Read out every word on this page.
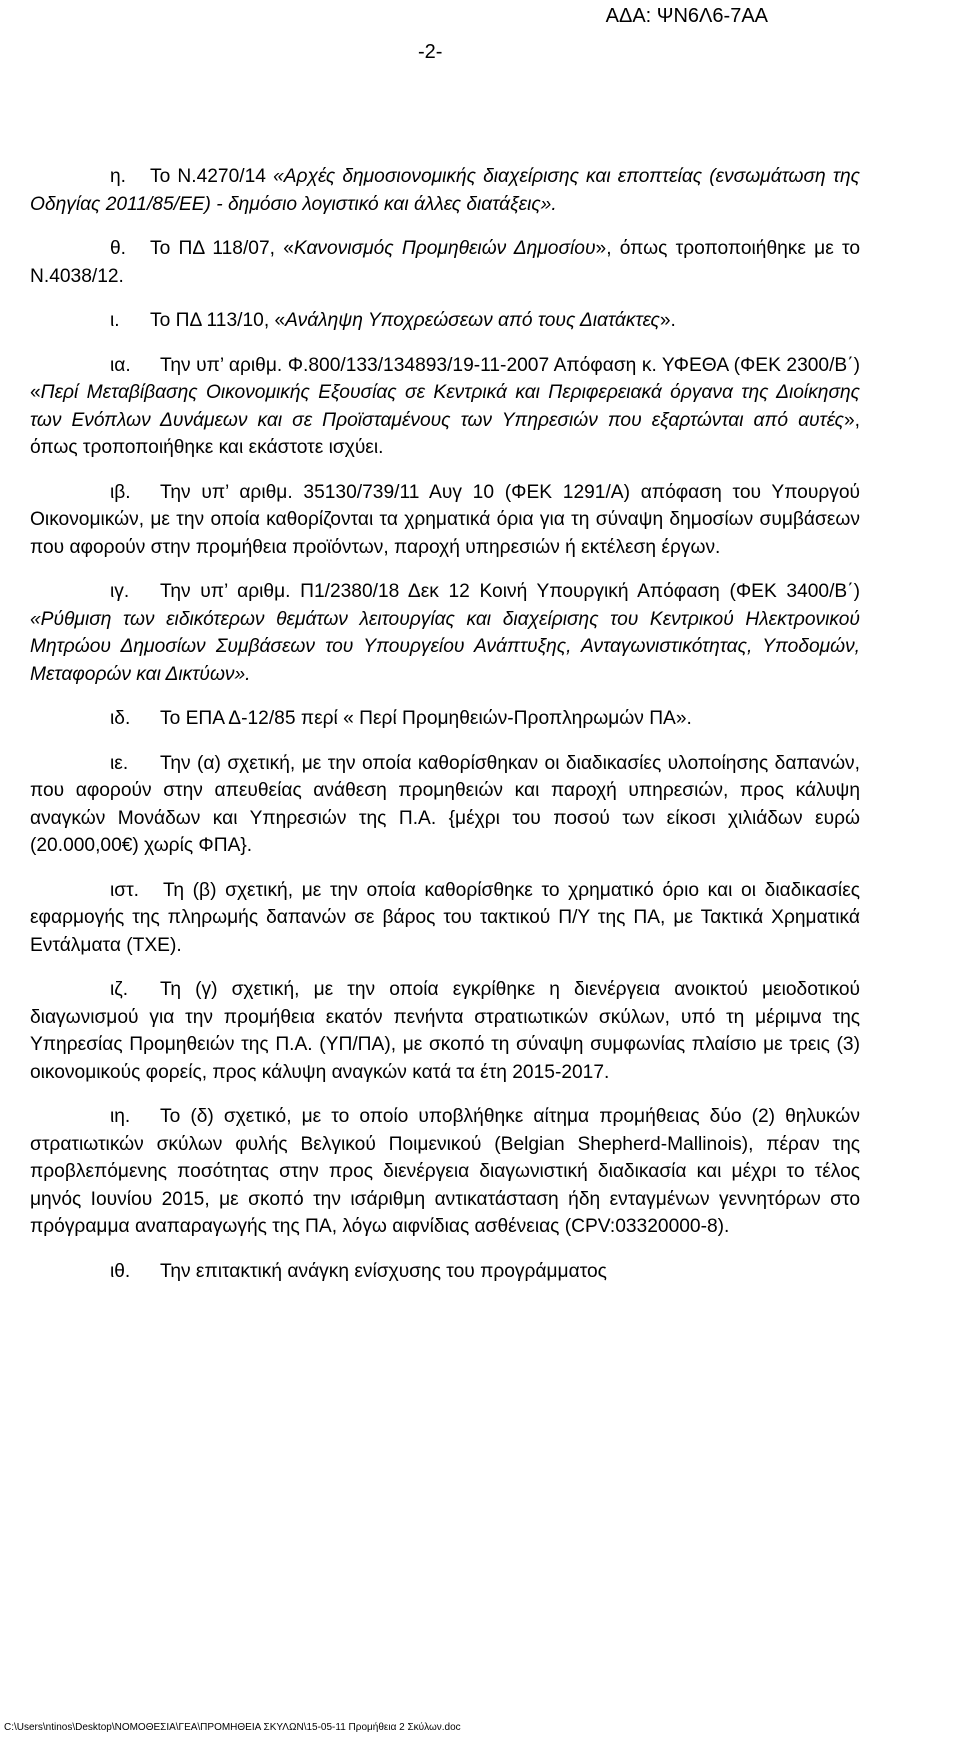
ΑΔΑ: ΨΝ6Λ6-7ΑΑ
-2-
η. Το Ν.4270/14 «Αρχές δημοσιονομικής διαχείρισης και εποπτείας (ενσωμάτωση της Οδηγίας 2011/85/ΕΕ) - δημόσιο λογιστικό και άλλες διατάξεις».
θ. Το ΠΔ 118/07, «Κανονισμός Προμηθειών Δημοσίου», όπως τροποποιήθηκε με το Ν.4038/12.
ι. Το ΠΔ 113/10, «Ανάληψη Υποχρεώσεων από τους Διατάκτες».
ια. Την υπ’ αριθμ. Φ.800/133/134893/19-11-2007 Απόφαση κ. ΥΦΕΘΑ (ΦΕΚ 2300/Β΄) «Περί Μεταβίβασης Οικονομικής Εξουσίας σε Κεντρικά και Περιφερειακά όργανα της Διοίκησης των Ενόπλων Δυνάμεων και σε Προϊσταμένους των Υπηρεσιών που εξαρτώνται από αυτές», όπως τροποποιήθηκε και εκάστοτε ισχύει.
ιβ. Την υπ’ αριθμ. 35130/739/11 Αυγ 10 (ΦΕΚ 1291/Α) απόφαση του Υπουργού Οικονομικών, με την οποία καθορίζονται τα χρηματικά όρια για τη σύναψη δημοσίων συμβάσεων που αφορούν στην προμήθεια προϊόντων, παροχή υπηρεσιών ή εκτέλεση έργων.
ιγ. Την υπ’ αριθμ. Π1/2380/18 Δεκ 12 Κοινή Υπουργική Απόφαση (ΦΕΚ 3400/Β΄) «Ρύθμιση των ειδικότερων θεμάτων λειτουργίας και διαχείρισης του Κεντρικού Ηλεκτρονικού Μητρώου Δημοσίων Συμβάσεων του Υπουργείου Ανάπτυξης, Ανταγωνιστικότητας, Υποδομών, Μεταφορών και Δικτύων».
ιδ. Το ΕΠΑ Δ-12/85 περί « Περί Προμηθειών-Προπληρωμών ΠΑ».
ιε. Την (α) σχετική, με την οποία καθορίσθηκαν οι διαδικασίες υλοποίησης δαπανών, που αφορούν στην απευθείας ανάθεση προμηθειών και παροχή υπηρεσιών, προς κάλυψη αναγκών Μονάδων και Υπηρεσιών της Π.Α. {μέχρι του ποσού των είκοσι χιλιάδων ευρώ (20.000,00€) χωρίς ΦΠΑ}.
ιστ. Τη (β) σχετική, με την οποία καθορίσθηκε το χρηματικό όριο και οι διαδικασίες εφαρμογής της πληρωμής δαπανών σε βάρος του τακτικού Π/Υ της ΠΑ, με Τακτικά Χρηματικά Εντάλματα (ΤΧΕ).
ιζ. Τη (γ) σχετική, με την οποία εγκρίθηκε η διενέργεια ανοικτού μειοδοτικού διαγωνισμού για την προμήθεια εκατόν πενήντα στρατιωτικών σκύλων, υπό τη μέριμνα της Υπηρεσίας Προμηθειών της Π.Α. (ΥΠ/ΠΑ), με σκοπό τη σύναψη συμφωνίας πλαίσιο με τρεις (3) οικονομικούς φορείς, προς κάλυψη αναγκών κατά τα έτη 2015-2017.
ιη. Το (δ) σχετικό, με το οποίο υποβλήθηκε αίτημα προμήθειας δύο (2) θηλυκών στρατιωτικών σκύλων φυλής Βελγικού Ποιμενικού (Belgian Shepherd-Mallinois), πέραν της προβλεπόμενης ποσότητας στην προς διενέργεια διαγωνιστική διαδικασία και μέχρι το τέλος μηνός Ιουνίου 2015, με σκοπό την ισάριθμη αντικατάσταση ήδη ενταγμένων γεννητόρων στο πρόγραμμα αναπαραγωγής της ΠΑ, λόγω αιφνίδιας ασθένειας (CPV:03320000-8).
ιθ. Την επιτακτική ανάγκη ενίσχυσης του προγράμματος
C:\Users\ntinos\Desktop\ΝΟΜΟΘΕΣΙΑ\ΓΕΑ\ΠΡΟΜΗΘΕΙΑ ΣΚΥΛΩΝ\15-05-11 Προμήθεια 2 Σκύλων.doc
